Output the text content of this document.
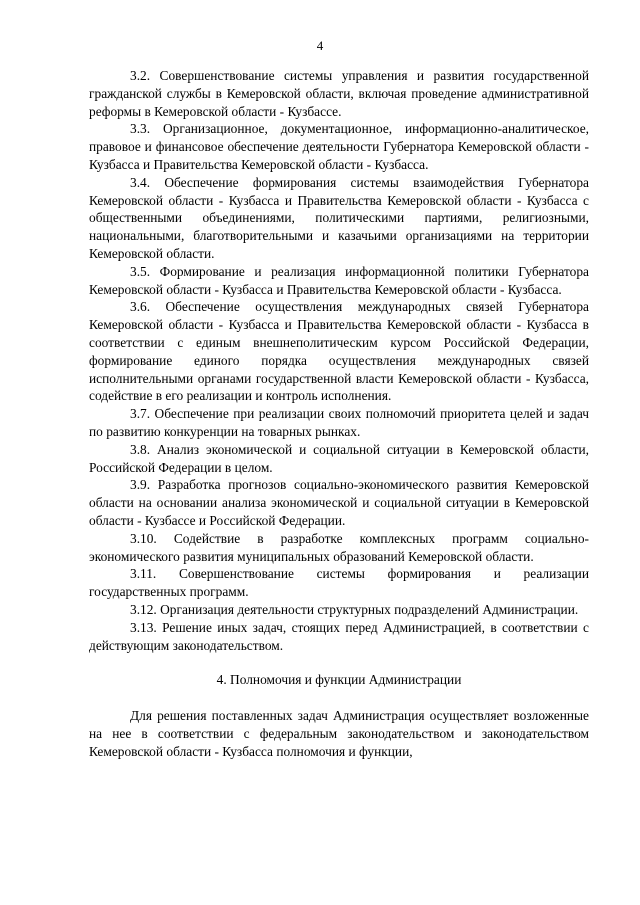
4

3.2. Совершенствование системы управления и развития государственной гражданской службы в Кемеровской области, включая проведение административной реформы в Кемеровской области - Кузбассе.

3.3. Организационное, документационное, информационно-аналитическое, правовое и финансовое обеспечение деятельности Губернатора Кемеровской области - Кузбасса и Правительства Кемеровской области - Кузбасса.

3.4. Обеспечение формирования системы взаимодействия Губернатора Кемеровской области - Кузбасса и Правительства Кемеровской области - Кузбасса с общественными объединениями, политическими партиями, религиозными, национальными, благотворительными и казачьими организациями на территории Кемеровской области.

3.5. Формирование и реализация информационной политики Губернатора Кемеровской области - Кузбасса и Правительства Кемеровской области - Кузбасса.

3.6. Обеспечение осуществления международных связей Губернатора Кемеровской области - Кузбасса и Правительства Кемеровской области - Кузбасса в соответствии с единым внешнеполитическим курсом Российской Федерации, формирование единого порядка осуществления международных связей исполнительными органами государственной власти Кемеровской области - Кузбасса, содействие в его реализации и контроль исполнения.

3.7. Обеспечение при реализации своих полномочий приоритета целей и задач по развитию конкуренции на товарных рынках.

3.8. Анализ экономической и социальной ситуации в Кемеровской области, Российской Федерации в целом.

3.9. Разработка прогнозов социально-экономического развития Кемеровской области на основании анализа экономической и социальной ситуации в Кемеровской области - Кузбассе и Российской Федерации.

3.10. Содействие в разработке комплексных программ социально-экономического развития муниципальных образований Кемеровской области.

3.11. Совершенствование системы формирования и реализации государственных программ.

3.12. Организация деятельности структурных подразделений Администрации.

3.13. Решение иных задач, стоящих перед Администрацией, в соответствии с действующим законодательством.

4. Полномочия и функции Администрации

Для решения поставленных задач Администрация осуществляет возложенные на нее в соответствии с федеральным законодательством и законодательством Кемеровской области - Кузбасса полномочия и функции,
